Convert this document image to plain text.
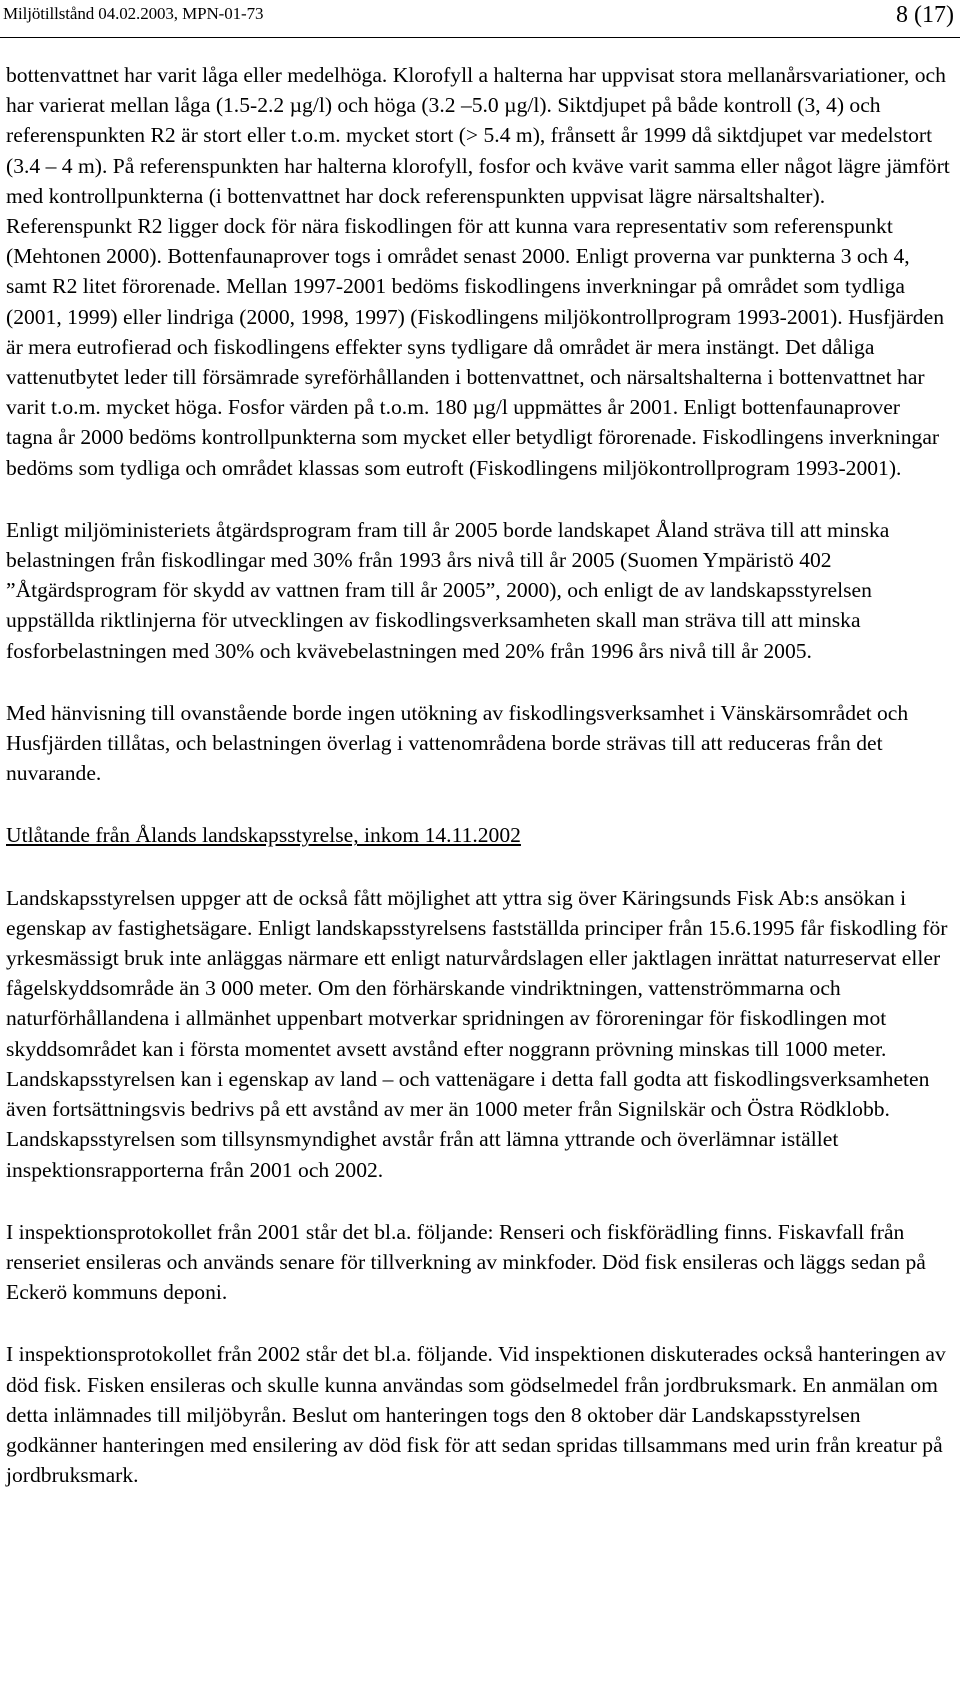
Miljötillstånd 04.02.2003, MPN-01-73	8 (17)

bottenvattnet har varit låga eller medelhöga. Klorofyll a halterna har uppvisat stora mellanårsvariationer, och har varierat mellan låga (1.5-2.2 µg/l) och höga (3.2 –5.0 µg/l). Siktdjupet på både kontroll (3, 4) och referenspunkten R2 är stort eller t.o.m. mycket stort (> 5.4 m), frånsett år 1999 då siktdjupet var medelstort (3.4 – 4 m). På referenspunkten har halterna klorofyll, fosfor och kväve varit samma eller något lägre jämfört med kontrollpunkterna (i bottenvattnet har dock referenspunkten uppvisat lägre närsaltshalter). Referenspunkt R2 ligger dock för nära fiskodlingen för att kunna vara representativ som referenspunkt (Mehtonen 2000). Bottenfaunaprover togs i området senast 2000. Enligt proverna var punkterna 3 och 4, samt R2 litet förorenade. Mellan 1997-2001 bedöms fiskodlingens inverkningar på området som tydliga (2001, 1999) eller lindriga (2000, 1998, 1997) (Fiskodlingens miljökontrollprogram 1993-2001). Husfjärden är mera eutrofierad och fiskodlingens effekter syns tydligare då området är mera instängt. Det dåliga vattenutbytet leder till försämrade syreförhållanden i bottenvattnet, och närsaltshalterna i bottenvattnet har varit t.o.m. mycket höga. Fosfor värden på t.o.m. 180 µg/l uppmättes år 2001. Enligt bottenfaunaprover tagna år 2000 bedöms kontrollpunkterna som mycket eller betydligt förorenade. Fiskodlingens inverkningar bedöms som tydliga och området klassas som eutroft (Fiskodlingens miljökontrollprogram 1993-2001).

Enligt miljöministeriets åtgärdsprogram fram till år 2005 borde landskapet Åland sträva till att minska belastningen från fiskodlingar med 30% från 1993 års nivå till år 2005 (Suomen Ympäristö 402 ”Åtgärdsprogram för skydd av vattnen fram till år 2005”, 2000), och enligt de av landskapsstyrelsen uppställda riktlinjerna för utvecklingen av fiskodlingsverksamheten skall man sträva till att minska fosforbelastningen med 30% och kvävebelastningen med 20% från 1996 års nivå till år 2005.

Med hänvisning till ovanstående borde ingen utökning av fiskodlingsverksamhet i Vänskärsområdet och Husfjärden tillåtas, och belastningen överlag i vattenområdena borde strävas till att reduceras från det nuvarande.

Utlåtande från Ålands landskapsstyrelse, inkom 14.11.2002

Landskapsstyrelsen uppger att de också fått möjlighet att yttra sig över Käringsunds Fisk Ab:s ansökan i egenskap av fastighetsägare. Enligt landskapsstyrelsens fastställda principer från 15.6.1995 får fiskodling för yrkesmässigt bruk inte anläggas närmare ett enligt naturvårdslagen eller jaktlagen inrättat naturreservat eller fågelskyddsområde än 3 000 meter. Om den förhärskande vindriktningen, vattenströmmarna och naturförhållandena i allmänhet uppenbart motverkar spridningen av föroreningar för fiskodlingen mot skyddsområdet kan i första momentet avsett avstånd efter noggrann prövning minskas till 1000 meter. Landskapsstyrelsen kan i egenskap av land – och vattenägare i detta fall godta att fiskodlingsverksamheten även fortsättningsvis bedrivs på ett avstånd av mer än 1000 meter från Signilskär och Östra Rödklobb. Landskapsstyrelsen som tillsynsmyndighet avstår från att lämna yttrande och överlämnar istället inspektionsrapporterna från 2001 och 2002.

I inspektionsprotokollet från 2001 står det bl.a. följande: Renseri och fiskförädling finns. Fiskavfall från renseriet ensileras och används senare för tillverkning av minkfoder. Död fisk ensileras och läggs sedan på Eckerö kommuns deponi.

I inspektionsprotokollet från 2002 står det bl.a. följande. Vid inspektionen diskuterades också hanteringen av död fisk. Fisken ensileras och skulle kunna användas som gödselmedel från jordbruksmark. En anmälan om detta inlämnades till miljöbyrån. Beslut om hanteringen togs den 8 oktober där Landskapsstyrelsen godkänner hanteringen med ensilering av död fisk för att sedan spridas tillsammans med urin från kreatur på jordbruksmark.
